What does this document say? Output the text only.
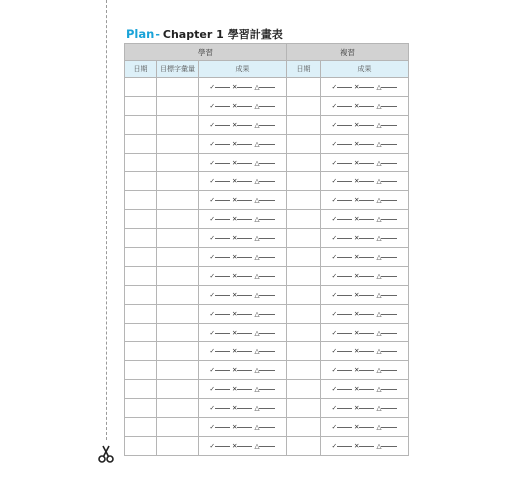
Plan - Chapter 1 學習計畫表
學習			複習	
日期	目標字彙量	成果	日期	成果
		✓ ✕ △		✓ ✕ △
		✓ ✕ △		✓ ✕ △
		✓ ✕ △		✓ ✕ △
		✓ ✕ △		✓ ✕ △
		✓ ✕ △		✓ ✕ △
		✓ ✕ △		✓ ✕ △
		✓ ✕ △		✓ ✕ △
		✓ ✕ △		✓ ✕ △
		✓ ✕ △		✓ ✕ △
		✓ ✕ △		✓ ✕ △
		✓ ✕ △		✓ ✕ △
		✓ ✕ △		✓ ✕ △
		✓ ✕ △		✓ ✕ △
		✓ ✕ △		✓ ✕ △
		✓ ✕ △		✓ ✕ △
		✓ ✕ △		✓ ✕ △
		✓ ✕ △		✓ ✕ △
		✓ ✕ △		✓ ✕ △
		✓ ✕ △		✓ ✕ △
		✓ ✕ △		✓ ✕ △
